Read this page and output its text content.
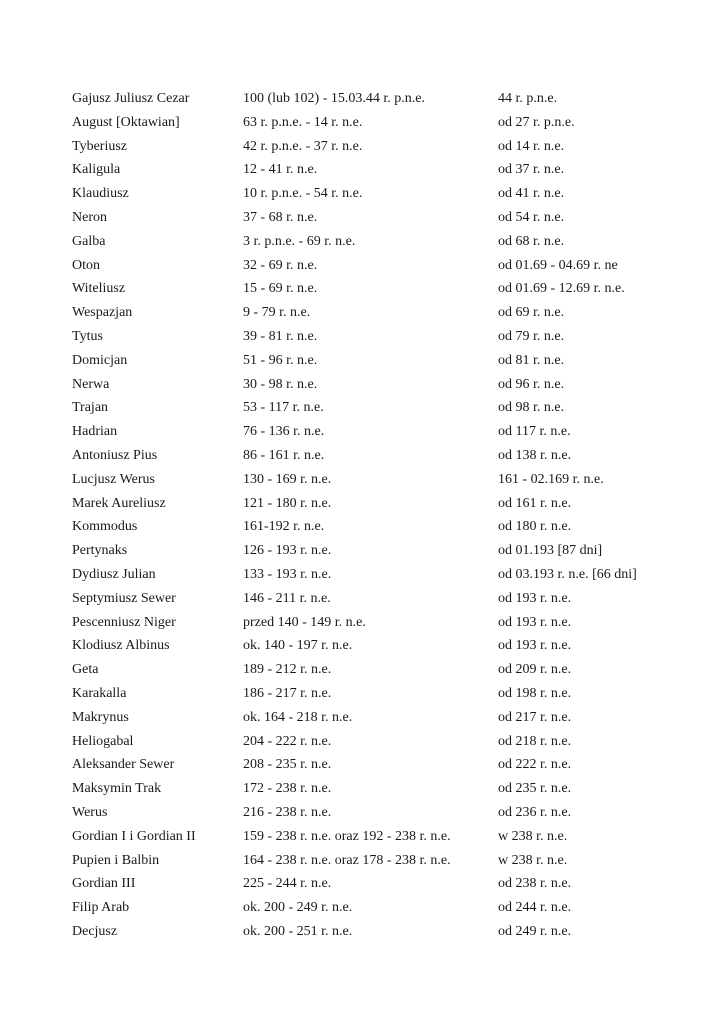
Gajusz Juliusz Cezar	100 (lub 102) - 15.03.44 r. p.n.e.	44 r. p.n.e.
August [Oktawian]	63 r. p.n.e. - 14 r. n.e.	od 27 r. p.n.e.
Tyberiusz	42 r. p.n.e. - 37 r. n.e.	od 14 r. n.e.
Kaligula	12 - 41 r. n.e.	od 37 r. n.e.
Klaudiusz	10 r. p.n.e. - 54 r. n.e.	od 41 r. n.e.
Neron	37 - 68 r. n.e.	od 54 r. n.e.
Galba	3 r. p.n.e. - 69 r. n.e.	od 68 r. n.e.
Oton	32 - 69 r. n.e.	od 01.69 - 04.69 r. ne
Witeliusz	15 - 69 r. n.e.	od 01.69 - 12.69 r. n.e.
Wespazjan	9 - 79 r. n.e.	od 69 r. n.e.
Tytus	39 - 81 r. n.e.	od 79 r. n.e.
Domicjan	51 - 96 r. n.e.	od 81 r. n.e.
Nerwa	30 - 98 r. n.e.	od 96 r. n.e.
Trajan	53 - 117 r. n.e.	od 98 r. n.e.
Hadrian	76 - 136 r. n.e.	od 117 r. n.e.
Antoniusz Pius	86 - 161 r. n.e.	od 138 r. n.e.
Lucjusz Werus	130 - 169 r. n.e.	161 - 02.169 r. n.e.
Marek Aureliusz	121 - 180 r. n.e.	od 161 r. n.e.
Kommodus	161-192 r. n.e.	od 180 r. n.e.
Pertynaks	126 - 193 r. n.e.	od 01.193 [87 dni]
Dydiusz Julian	133 - 193 r. n.e.	od 03.193 r. n.e. [66 dni]
Septymiusz Sewer	146 - 211 r. n.e.	od 193 r. n.e.
Pescenniusz Niger	przed 140 - 149 r. n.e.	od 193 r. n.e.
Klodiusz Albinus	ok. 140 - 197 r. n.e.	od 193 r. n.e.
Geta	189 - 212 r. n.e.	od 209 r. n.e.
Karakalla	186 - 217 r. n.e.	od 198 r. n.e.
Makrynus	ok. 164 - 218 r. n.e.	od 217 r. n.e.
Heliogabal	204 - 222 r. n.e.	od 218 r. n.e.
Aleksander Sewer	208 - 235 r. n.e.	od 222 r. n.e.
Maksymin Trak	172 - 238 r. n.e.	od 235 r. n.e.
Werus	216 - 238 r. n.e.	od 236 r. n.e.
Gordian I i Gordian II	159 - 238 r. n.e. oraz 192 - 238 r. n.e.	w 238 r. n.e.
Pupien i Balbin	164 - 238 r. n.e. oraz 178 - 238 r. n.e.	w 238 r. n.e.
Gordian III	225 - 244 r. n.e.	od 238 r. n.e.
Filip Arab	ok. 200 - 249 r. n.e.	od 244 r. n.e.
Decjusz	ok. 200 - 251 r. n.e.	od 249 r. n.e.
